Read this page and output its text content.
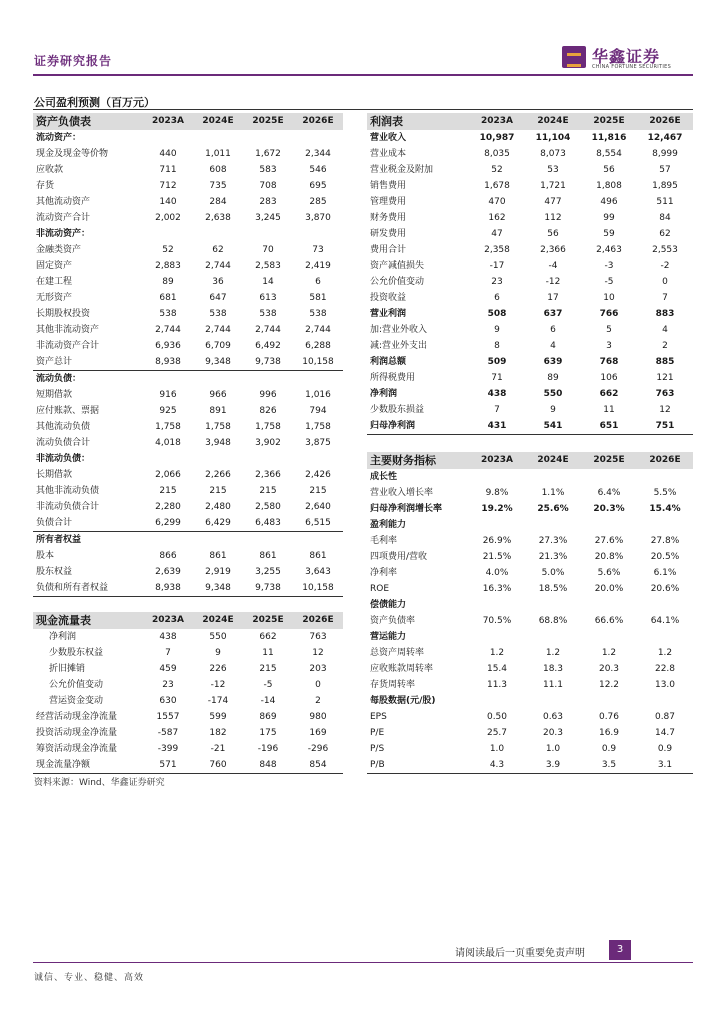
证券研究报告	华鑫证券
CHINA FORTUNE SECURITIES
公司盈利预测（百万元）
资产负债表	2023A	2024E	2025E	2026E
流动资产：				
现金及现金等价物	440	1,011	1,672	2,344
应收款	711	608	583	546
存货	712	735	708	695
其他流动资产	140	284	283	285
流动资产合计	2,002	2,638	3,245	3,870
非流动资产：				
金融类资产	52	62	70	73
固定资产	2,883	2,744	2,583	2,419
在建工程	89	36	14	6
无形资产	681	647	613	581
长期股权投资	538	538	538	538
其他非流动资产	2,744	2,744	2,744	2,744
非流动资产合计	6,936	6,709	6,492	6,288
资产总计	8,938	9,348	9,738	10,158
流动负债：				
短期借款	916	966	996	1,016
应付账款、票据	925	891	826	794
其他流动负债	1,758	1,758	1,758	1,758
流动负债合计	4,018	3,948	3,902	3,875
非流动负债：				
长期借款	2,066	2,266	2,366	2,426
其他非流动负债	215	215	215	215
非流动负债合计	2,280	2,480	2,580	2,640
负债合计	6,299	6,429	6,483	6,515
所有者权益				
股本	866	861	861	861
股东权益	2,639	2,919	3,255	3,643
负债和所有者权益	8,938	9,348	9,738	10,158
现金流量表	2023A	2024E	2025E	2026E
净利润	438	550	662	763
少数股东权益	7	9	11	12
折旧摊销	459	226	215	203
公允价值变动	23	-12	-5	0
营运资金变动	630	-174	-14	2
经营活动现金净流量	1557	599	869	980
投资活动现金净流量	-587	182	175	169
筹资活动现金净流量	-399	-21	-196	-296
现金流量净额	571	760	848	854
利润表	2023A	2024E	2025E	2026E
营业收入	10,987	11,104	11,816	12,467
营业成本	8,035	8,073	8,554	8,999
营业税金及附加	52	53	56	57
销售费用	1,678	1,721	1,808	1,895
管理费用	470	477	496	511
财务费用	162	112	99	84
研发费用	47	56	59	62
费用合计	2,358	2,366	2,463	2,553
资产减值损失	-17	-4	-3	-2
公允价值变动	23	-12	-5	0
投资收益	6	17	10	7
营业利润	508	637	766	883
加:营业外收入	9	6	5	4
减:营业外支出	8	4	3	2
利润总额	509	639	768	885
所得税费用	71	89	106	121
净利润	438	550	662	763
少数股东损益	7	9	11	12
归母净利润	431	541	651	751
主要财务指标	2023A	2024E	2025E	2026E
成长性				
营业收入增长率	9.8%	1.1%	6.4%	5.5%
归母净利润增长率	19.2%	25.6%	20.3%	15.4%
盈利能力				
毛利率	26.9%	27.3%	27.6%	27.8%
四项费用/营收	21.5%	21.3%	20.8%	20.5%
净利率	4.0%	5.0%	5.6%	6.1%
ROE	16.3%	18.5%	20.0%	20.6%
偿债能力				
资产负债率	70.5%	68.8%	66.6%	64.1%
营运能力				
总资产周转率	1.2	1.2	1.2	1.2
应收账款周转率	15.4	18.3	20.3	22.8
存货周转率	11.3	11.1	12.2	13.0
每股数据(元/股)				
EPS	0.50	0.63	0.76	0.87
P/E	25.7	20.3	16.9	14.7
P/S	1.0	1.0	0.9	0.9
P/B	4.3	3.9	3.5	3.1
资料来源：Wind、华鑫证券研究
请阅读最后一页重要免责声明	3
诚信、专业、稳健、高效
